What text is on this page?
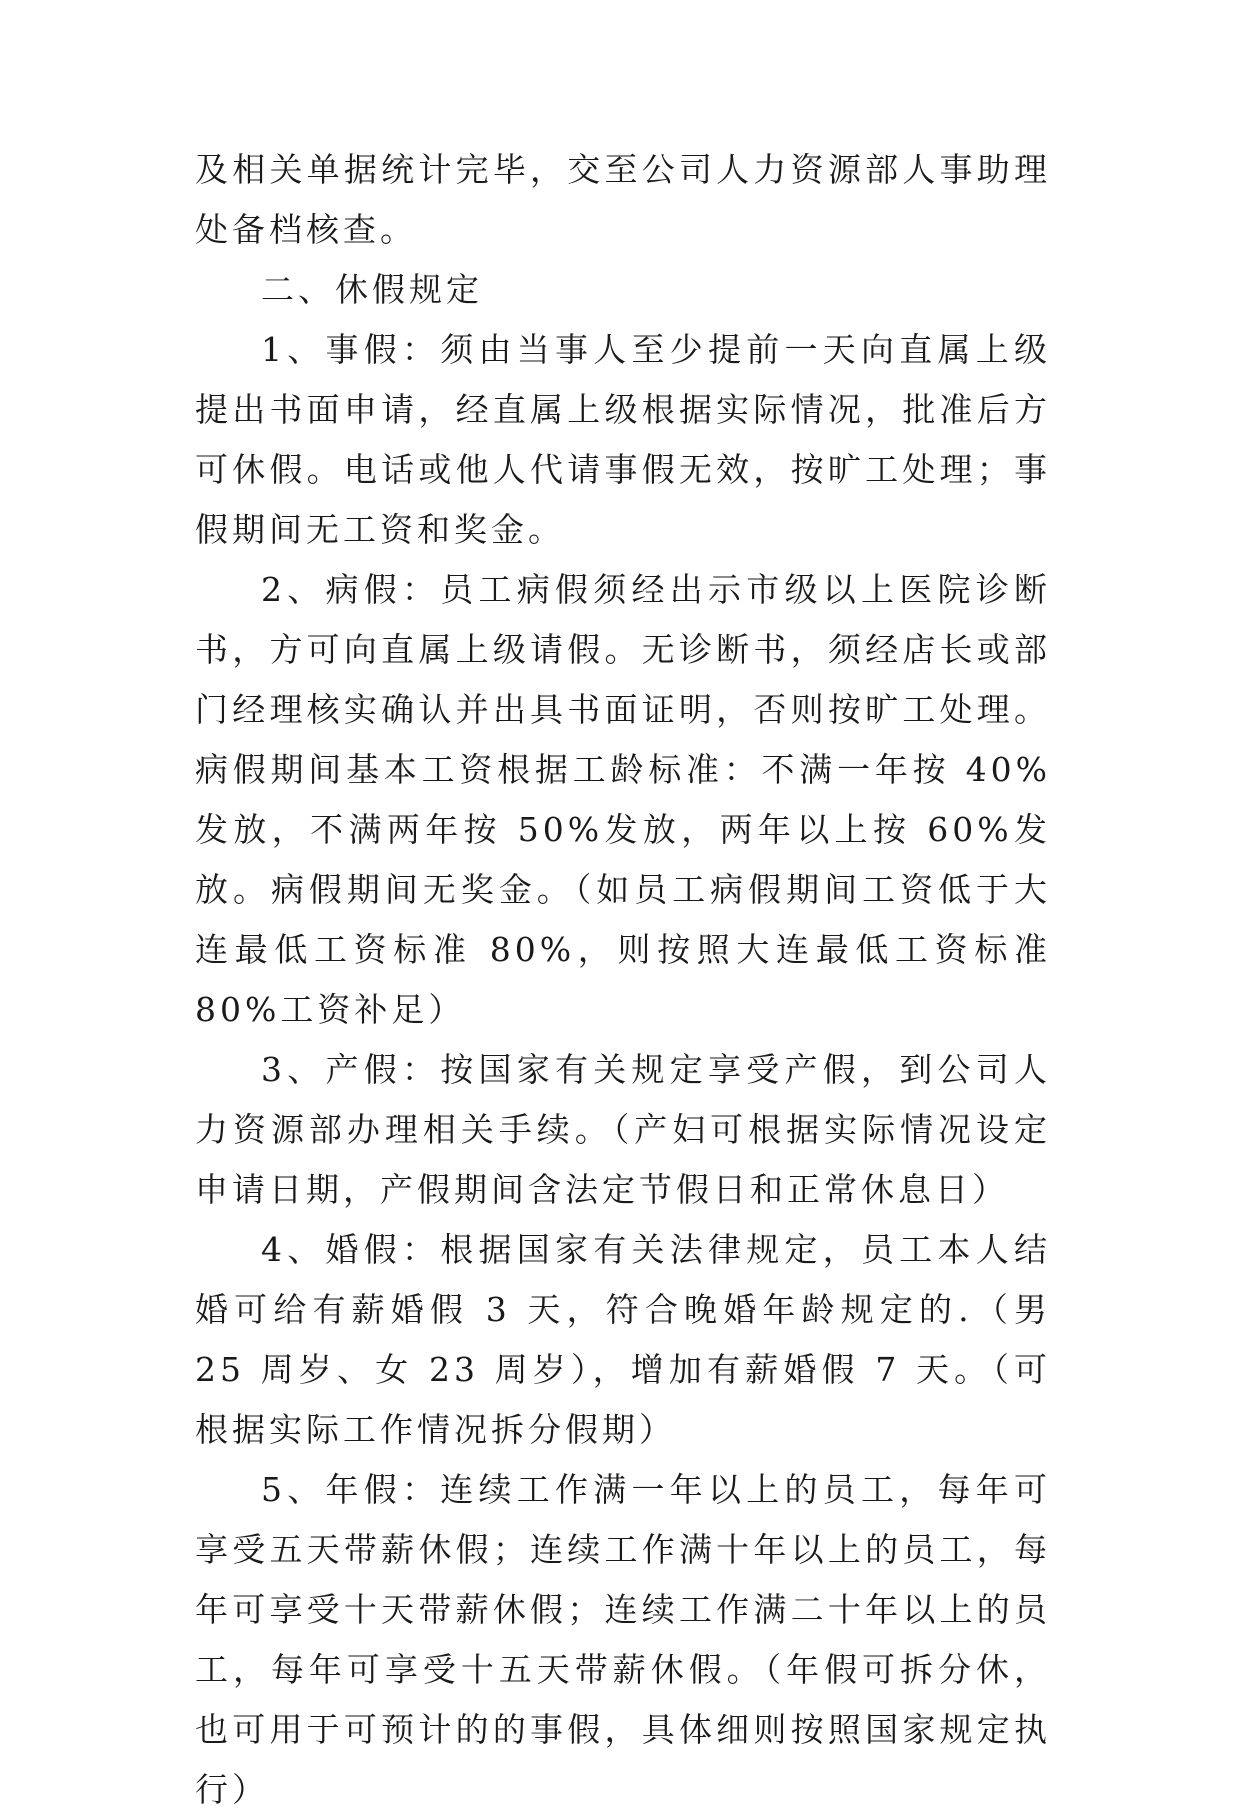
及相关单据统计完毕，交至公司人力资源部人事助理处备档核查。

二、休假规定

1、事假：须由当事人至少提前一天向直属上级提出书面申请，经直属上级根据实际情况，批准后方可休假。电话或他人代请事假无效，按旷工处理；事假期间无工资和奖金。

2、病假：员工病假须经出示市级以上医院诊断书，方可向直属上级请假。无诊断书，须经店长或部门经理核实确认并出具书面证明，否则按旷工处理。病假期间基本工资根据工龄标准：不满一年按 40%发放，不满两年按 50%发放，两年以上按 60%发放。病假期间无奖金。（如员工病假期间工资低于大连最低工资标准 80%，则按照大连最低工资标准 80%工资补足）

3、产假：按国家有关规定享受产假，到公司人力资源部办理相关手续。（产妇可根据实际情况设定申请日期，产假期间含法定节假日和正常休息日）

4、婚假：根据国家有关法律规定，员工本人结婚可给有薪婚假 3 天，符合晚婚年龄规定的.（男 25 周岁、女 23 周岁），增加有薪婚假 7 天。（可根据实际工作情况拆分假期）

5、年假：连续工作满一年以上的员工，每年可享受五天带薪休假；连续工作满十年以上的员工，每年可享受十天带薪休假；连续工作满二十年以上的员工，每年可享受十五天带薪休假。（年假可拆分休，也可用于可预计的的事假，具体细则按照国家规定执行）
